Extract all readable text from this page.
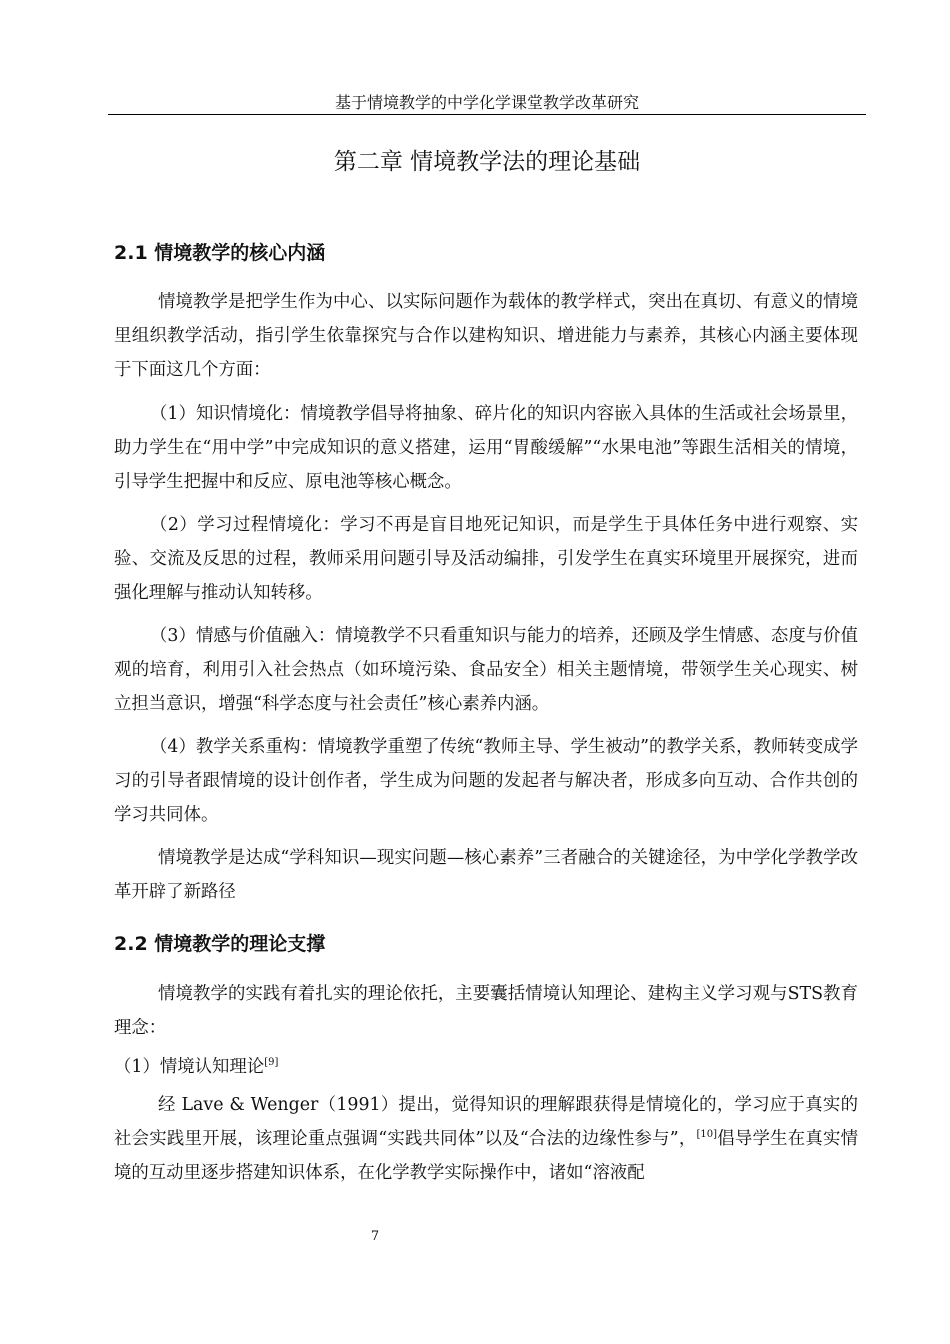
基于情境教学的中学化学课堂教学改革研究
第二章 情境教学法的理论基础
2.1 情境教学的核心内涵

情境教学是把学生作为中心、以实际问题作为载体的教学样式，突出在真切、有意义的情境里组织教学活动，指引学生依靠探究与合作以建构知识、增进能力与素养，其核心内涵主要体现于下面这几个方面：

（1）知识情境化：情境教学倡导将抽象、碎片化的知识内容嵌入具体的生活或社会场景里，助力学生在“用中学”中完成知识的意义搭建，运用“胃酸缓解”“水果电池”等跟生活相关的情境，引导学生把握中和反应、原电池等核心概念。

（2）学习过程情境化：学习不再是盲目地死记知识，而是学生于具体任务中进行观察、实验、交流及反思的过程，教师采用问题引导及活动编排，引发学生在真实环境里开展探究，进而强化理解与推动认知转移。

（3）情感与价值融入：情境教学不只看重知识与能力的培养，还顾及学生情感、态度与价值观的培育，利用引入社会热点（如环境污染、食品安全）相关主题情境，带领学生关心现实、树立担当意识，增强“科学态度与社会责任”核心素养内涵。

（4）教学关系重构：情境教学重塑了传统“教师主导、学生被动”的教学关系，教师转变成学习的引导者跟情境的设计创作者，学生成为问题的发起者与解决者，形成多向互动、合作共创的学习共同体。

情境教学是达成“学科知识—现实问题—核心素养”三者融合的关键途径，为中学化学教学改革开辟了新路径

2.2 情境教学的理论支撑

情境教学的实践有着扎实的理论依托，主要囊括情境认知理论、建构主义学习观与STS教育理念：

（1）情境认知理论[9]

经 Lave & Wenger（1991）提出，觉得知识的理解跟获得是情境化的，学习应于真实的社会实践里开展，该理论重点强调“实践共同体”以及“合法的边缘性参与”，[10]倡导学生在真实情境的互动里逐步搭建知识体系，在化学教学实际操作中，诸如“溶液配

7
